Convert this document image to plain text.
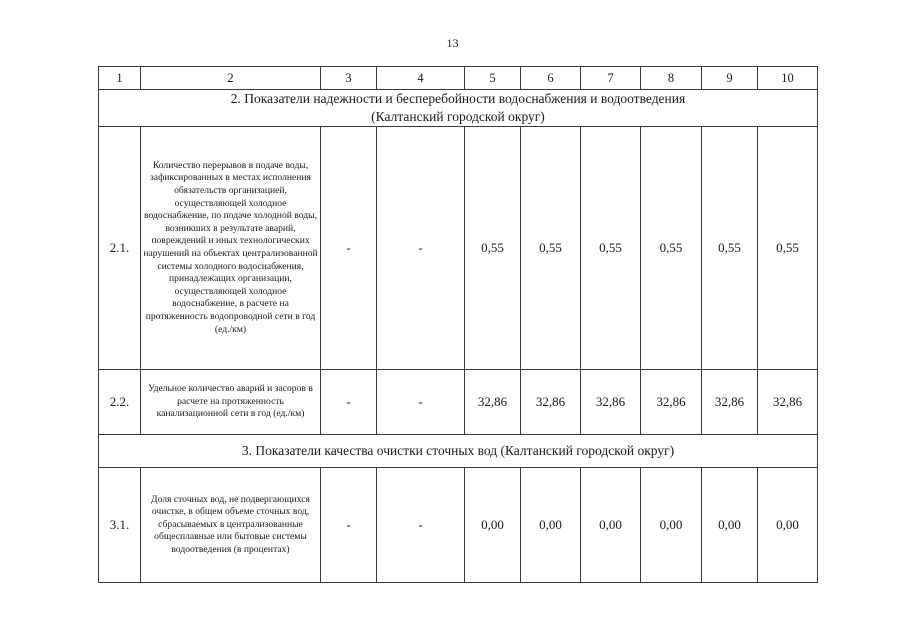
13
1	2	3	4	5	6	7	8	9	10

2. Показатели надежности и бесперебойности водоснабжения и водоотведения
(Калтанский городской округ)									

2.1.	Количество перерывов в подаче воды, зафиксированных в местах исполнения обязательств организацией, осуществляющей холодное водоснабжение, по подаче холодной воды, возникших в результате аварий, повреждений и иных технологических нарушений на объектах централизованной системы холодного водоснабжения, принадлежащих организации, осуществляющей холодное водоснабжение, в расчете на протяженность водопроводной сети в год (ед./км)	-	-	0,55	0,55	0,55	0,55	0,55	0,55
2.2.	Удельное количество аварий и засоров в расчете на протяженность канализационной сети в год (ед./км)	-	-	32,86	32,86	32,86	32,86	32,86	32,86

3. Показатели качества очистки сточных вод (Калтанский городской округ)									

3.1.	Доля сточных вод, не подвергающихся очистке, в общем объеме сточных вод, сбрасываемых в централизованные общесплавные или бытовые системы водоотведения (в процентах)	-	-	0,00	0,00	0,00	0,00	0,00	0,00
